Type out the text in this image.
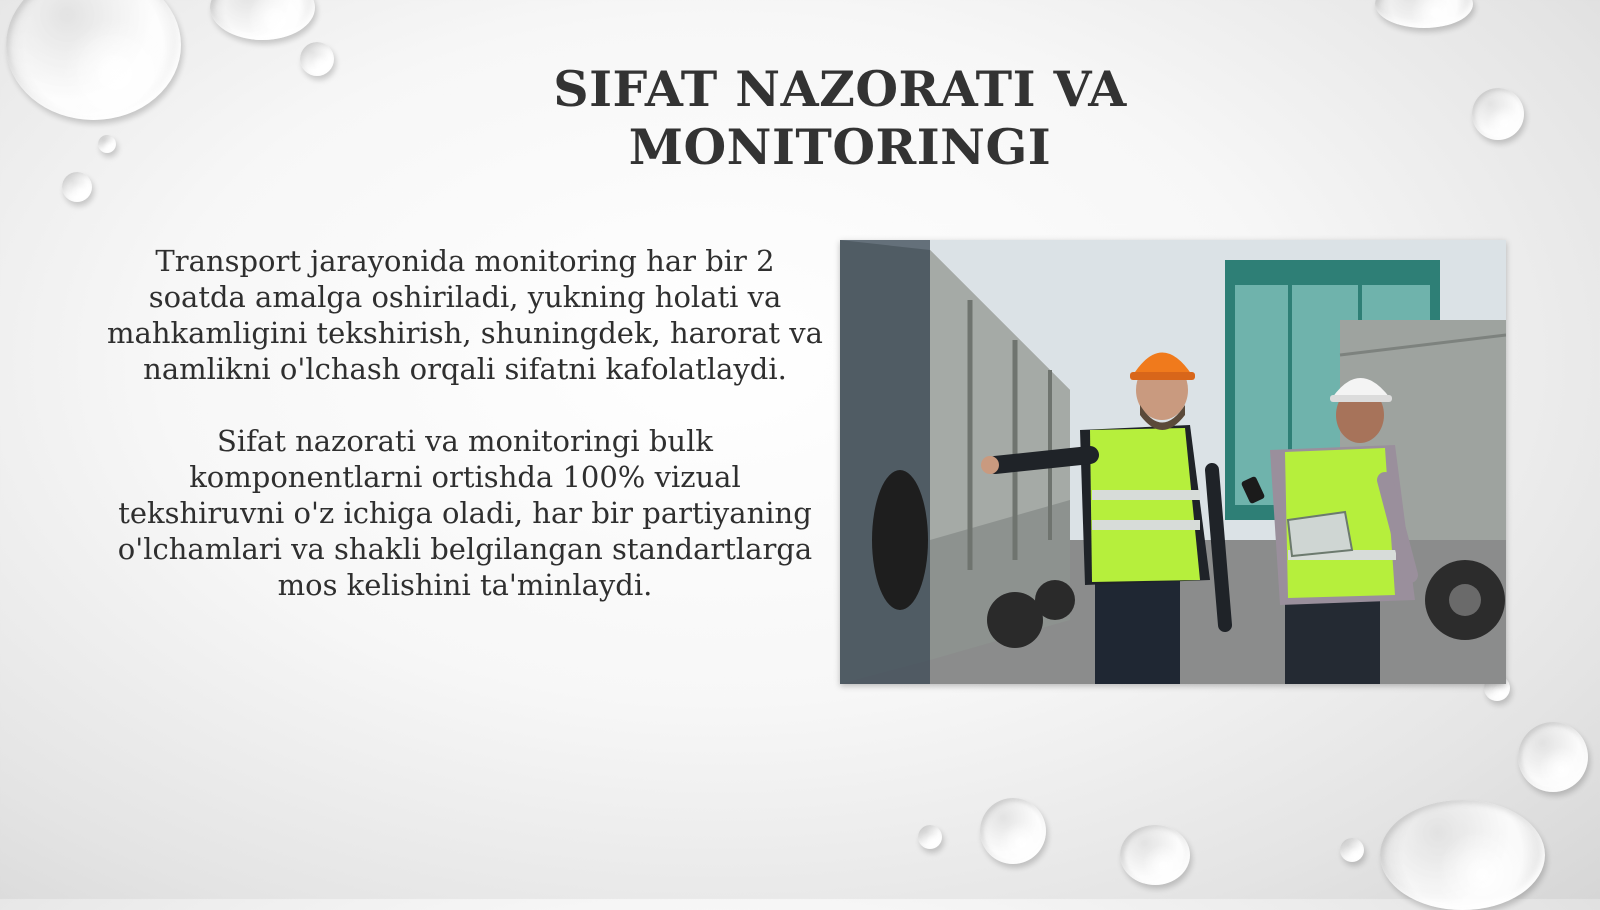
SIFAT NAZORATI VA MONITORINGI

Transport jarayonida monitoring har bir 2 soatda amalga oshiriladi, yukning holati va mahkamligini tekshirish, shuningdek, harorat va namlikni o'lchash orqali sifatni kafolatlaydi.

Sifat nazorati va monitoringi bulk komponentlarni ortishda 100% vizual tekshiruvni o'z ichiga oladi, har bir partiyaning o'lchamlari va shakli belgilangan standartlarga mos kelishini ta'minlaydi.
